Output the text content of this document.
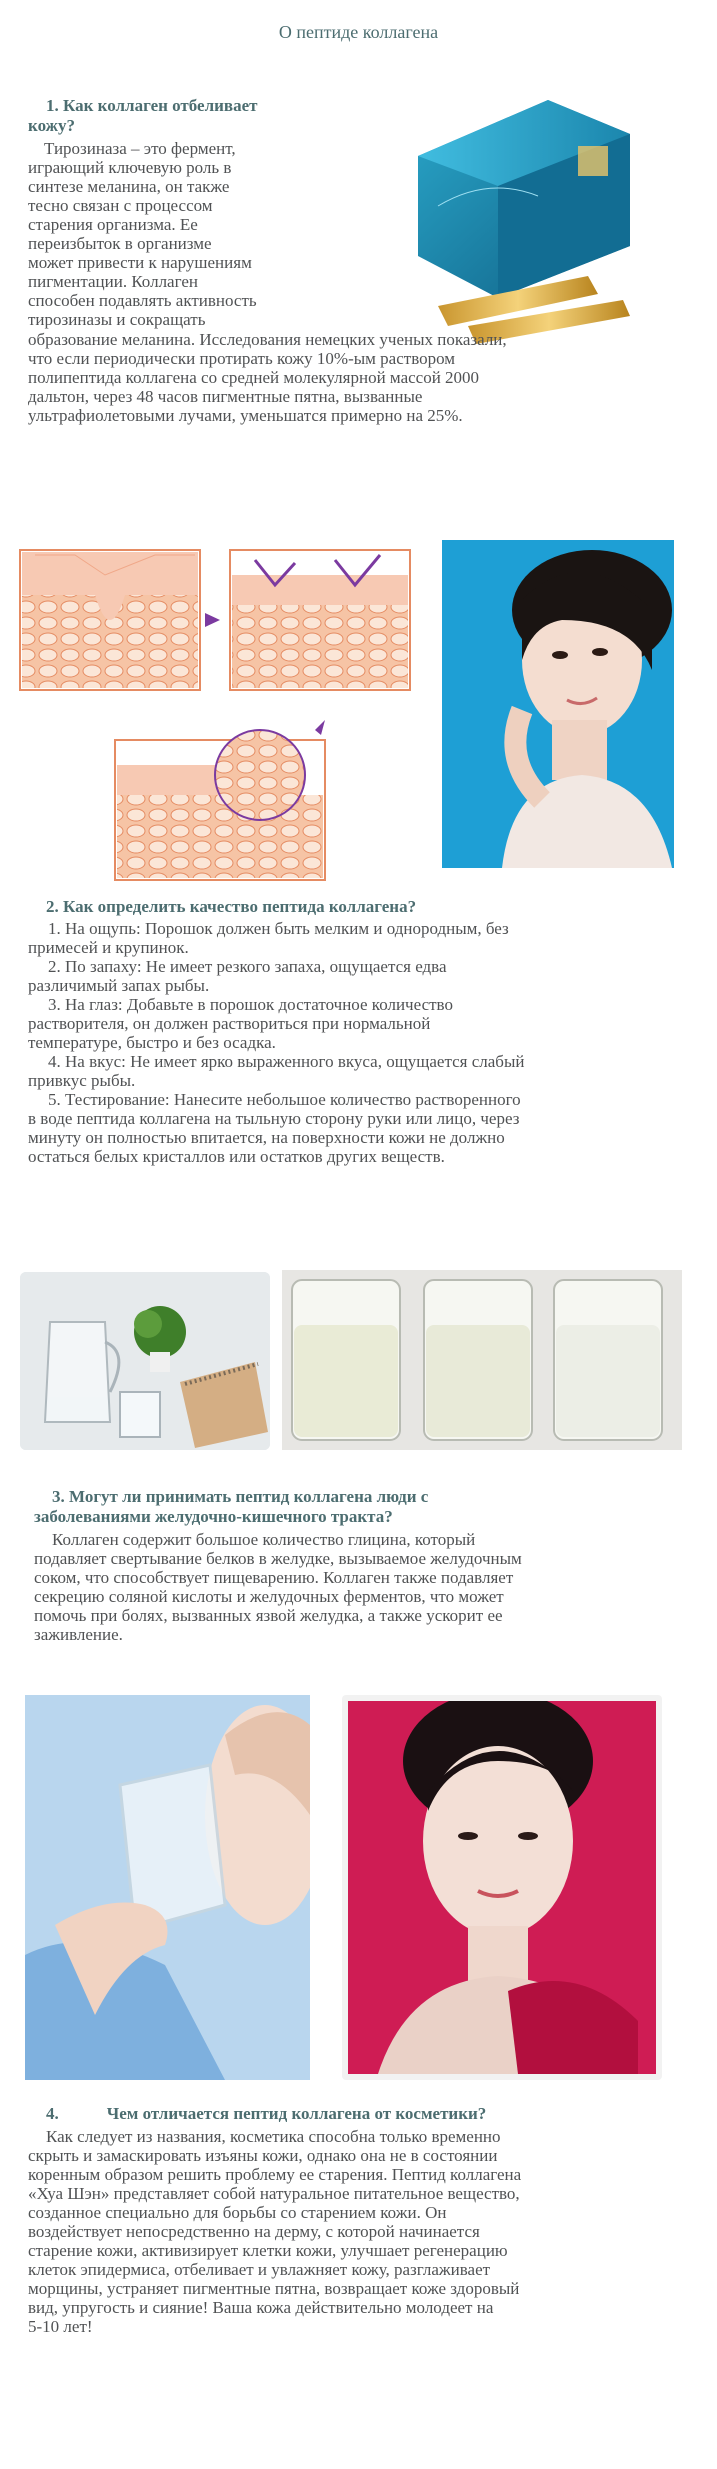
О пептиде коллагена

1. Как коллаген отбеливает

кожу?

Тирозиназа – это фермент,

играющий ключевую роль в

синтезе меланина, он также

тесно связан с процессом

старения организма. Ее

переизбыток в организме

может привести к нарушениям

пигментации. Коллаген

способен подавлять активность

тирозиназы и сокращать

образование меланина. Исследования немецких ученых показали,

что если периодически протирать кожу 10%-ым раствором

полипептида коллагена со средней молекулярной массой 2000

дальтон, через 48 часов пигментные пятна, вызванные

ультрафиолетовыми лучами, уменьшатся примерно на 25%.

2. Как определить качество пептида коллагена?

1. На ощупь: Порошок должен быть мелким и однородным, без

примесей и крупинок.

2. По запаху: Не имеет резкого запаха, ощущается едва

различимый запах рыбы.

3. На глаз: Добавьте в порошок достаточное количество

растворителя, он должен раствориться при нормальной

температуре, быстро и без осадка.

4. На вкус: Не имеет ярко выраженного вкуса, ощущается слабый

привкус рыбы.

5. Тестирование: Нанесите небольшое количество растворенного

в воде пептида коллагена на тыльную сторону руки или лицо, через

минуту он полностью впитается, на поверхности кожи не должно

остаться белых кристаллов или остатков других веществ.

3. Могут ли принимать пептид коллагена люди с

заболеваниями желудочно-кишечного тракта?

Коллаген содержит большое количество глицина, который

подавляет свертывание белков в желудке, вызываемое желудочным

соком, что способствует пищеварению. Коллаген также подавляет

секрецию соляной кислоты и желудочных ферментов, что может

помочь при болях, вызванных язвой желудка, а также ускорит ее

заживление.

4.	Чем отличается пептид коллагена от косметики?

Как следует из названия, косметика способна только временно

скрыть и замаскировать изъяны кожи, однако она не в состоянии

коренным образом решить проблему ее старения. Пептид коллагена

«Хуа Шэн» представляет собой натуральное питательное вещество,

созданное специально для борьбы со старением кожи. Он

воздействует непосредственно на дерму, с которой начинается

старение кожи, активизирует клетки кожи, улучшает регенерацию

клеток эпидермиса, отбеливает и увлажняет кожу, разглаживает

морщины, устраняет пигментные пятна, возвращает коже здоровый

вид, упругость и сияние! Ваша кожа действительно молодеет на

5-10 лет!
